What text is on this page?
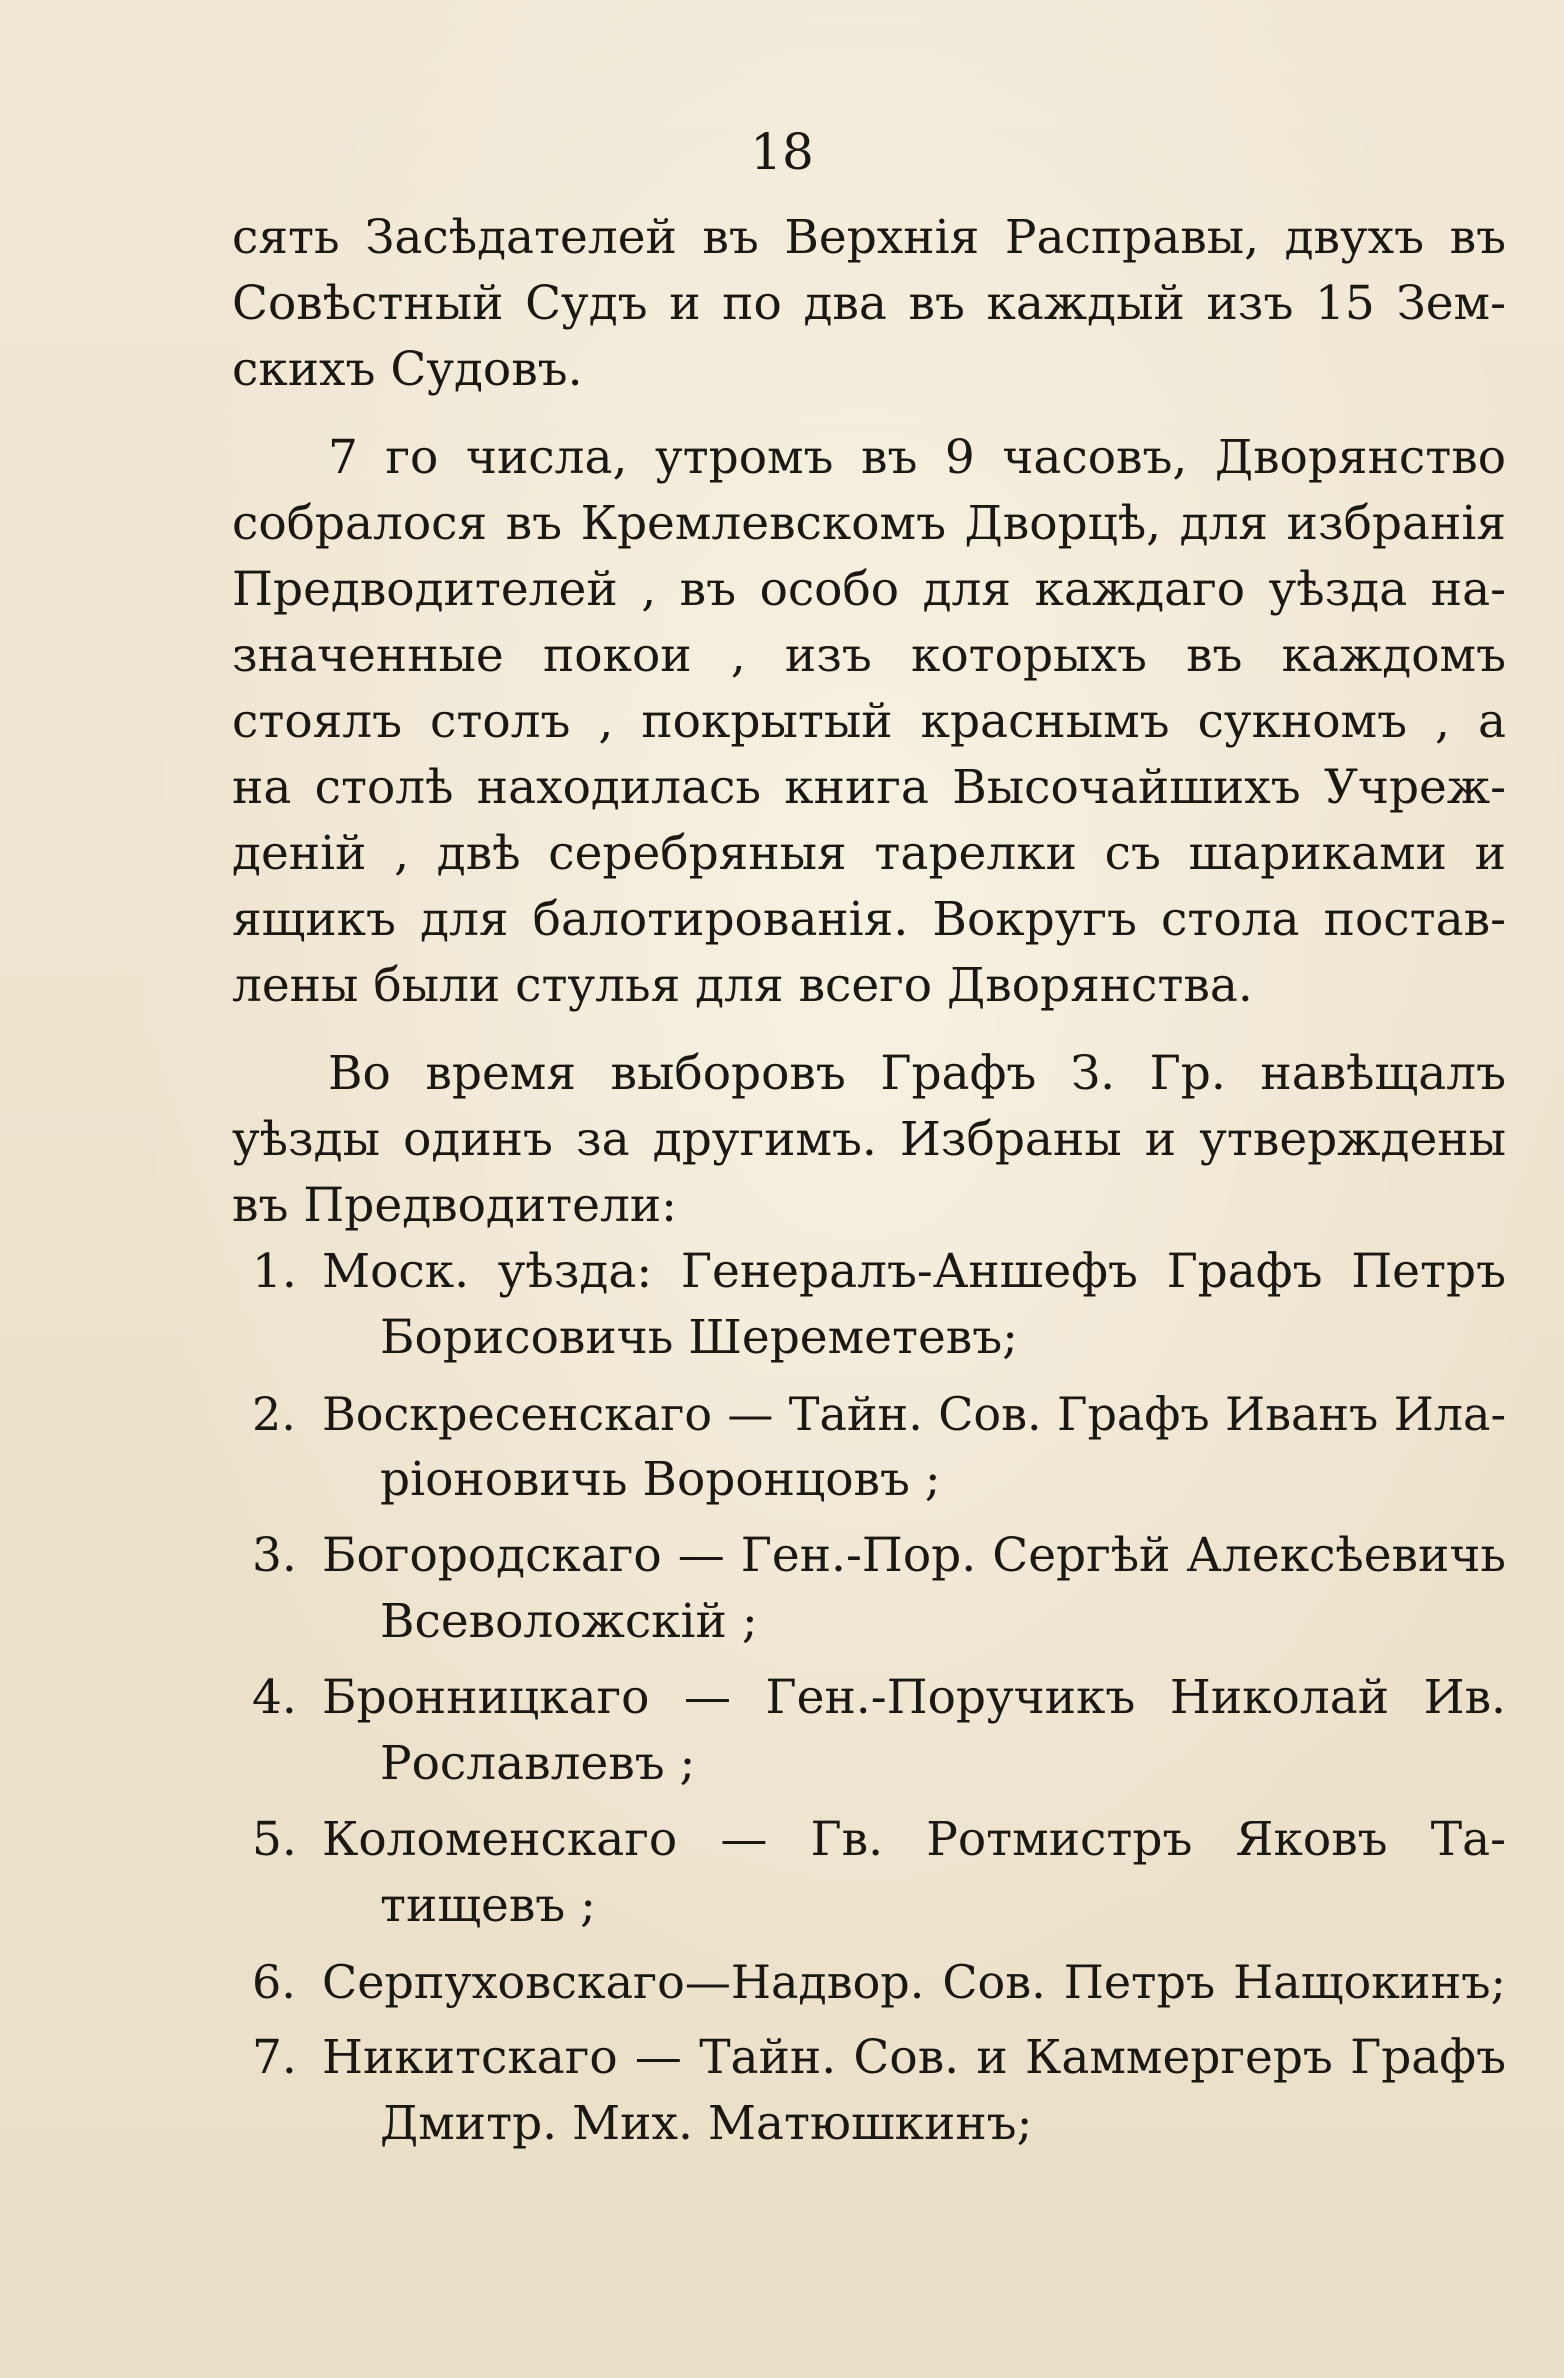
18
сять Засѣдателей въ Верхнія Расправы, двухъ въ
Совѣстный Судъ и по два въ каждый изъ 15 Зем-
скихъ Судовъ.
7 го числа, утромъ въ 9 часовъ, Дворянство
собралося въ Кремлевскомъ Дворцѣ, для избранія
Предводителей , въ особо для каждаго уѣзда на-
значенные покои , изъ которыхъ въ каждомъ
стоялъ столъ , покрытый краснымъ сукномъ , а
на столѣ находилась книга Высочайшихъ Учреж-
деній , двѣ серебряныя тарелки съ шариками и
ящикъ для балотированія. Вокругъ стола постав-
лены были стулья для всего Дворянства.
Во время выборовъ Графъ З. Гр. навѣщалъ
уѣзды одинъ за другимъ. Избраны и утверждены
въ Предводители:
1. Моск. уѣзда: Генералъ-Аншефъ Графъ Петръ
Борисовичь Шереметевъ;
2. Воскресенскаго — Тайн. Сов. Графъ Иванъ Ила-
ріоновичь Воронцовъ ;
3. Богородскаго — Ген.-Пор. Сергѣй Алексѣевичь
Всеволожскій ;
4. Бронницкаго — Ген.-Поручикъ Николай Ив.
Рославлевъ ;
5. Коломенскаго — Гв. Ротмистръ Яковъ Та-
тищевъ ;
6. Серпуховскаго—Надвор. Сов. Петръ Нащокинъ;
7. Никитскаго — Тайн. Сов. и Каммергеръ Графъ
Дмитр. Мих. Матюшкинъ;
